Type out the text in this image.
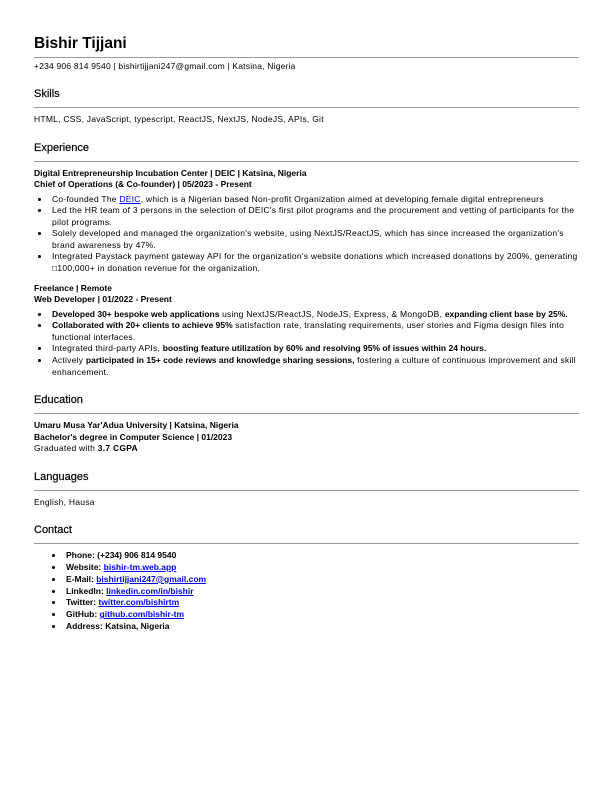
Bishir Tijjani
+234 906 814 9540 | bishirtijjani247@gmail.com | Katsina, Nigeria
Skills
HTML, CSS, JavaScript, typescript, ReactJS, NextJS, NodeJS, APIs, Git
Experience
Digital Entrepreneurship Incubation Center | DEIC | Katsina, Nigeria
Chief of Operations (& Co-founder) | 05/2023 - Present
• Co-founded The DEIC, which is a Nigerian based Non-profit Organization aimed at developing female digital entrepreneurs
• Led the HR team of 3 persons in the selection of DEIC's first pilot programs and the procurement and vetting of participants for the pilot programs.
• Solely developed and managed the organization's website, using NextJS/ReactJS, which has since increased the organization's brand awareness by 47%.
• Integrated Paystack payment gateway API for the organization's website donations which increased donations by 200%, generating □100,000+ in donation revenue for the organization.
Freelance | Remote
Web Developer | 01/2022 - Present
• Developed 30+ bespoke web applications using NextJS/ReactJS, NodeJS, Express, & MongoDB, expanding client base by 25%.
• Collaborated with 20+ clients to achieve 95% satisfaction rate, translating requirements, user stories and Figma design files into functional interfaces.
• Integrated third-party APIs, boosting feature utilization by 60% and resolving 95% of issues within 24 hours.
• Actively participated in 15+ code reviews and knowledge sharing sessions, fostering a culture of continuous improvement and skill enhancement.
Education
Umaru Musa Yar'Adua University | Katsina, Nigeria
Bachelor's degree in Computer Science | 01/2023
Graduated with 3.7 CGPA
Languages
English, Hausa
Contact
• Phone: (+234) 906 814 9540
• Website: bishir-tm.web.app
• E-Mail: bishirtijjani247@gmail.com
• LinkedIn: linkedin.com/in/bishir
• Twitter: twitter.com/bishirtm
• GitHub: github.com/bishir-tm
• Address: Katsina, Nigeria
